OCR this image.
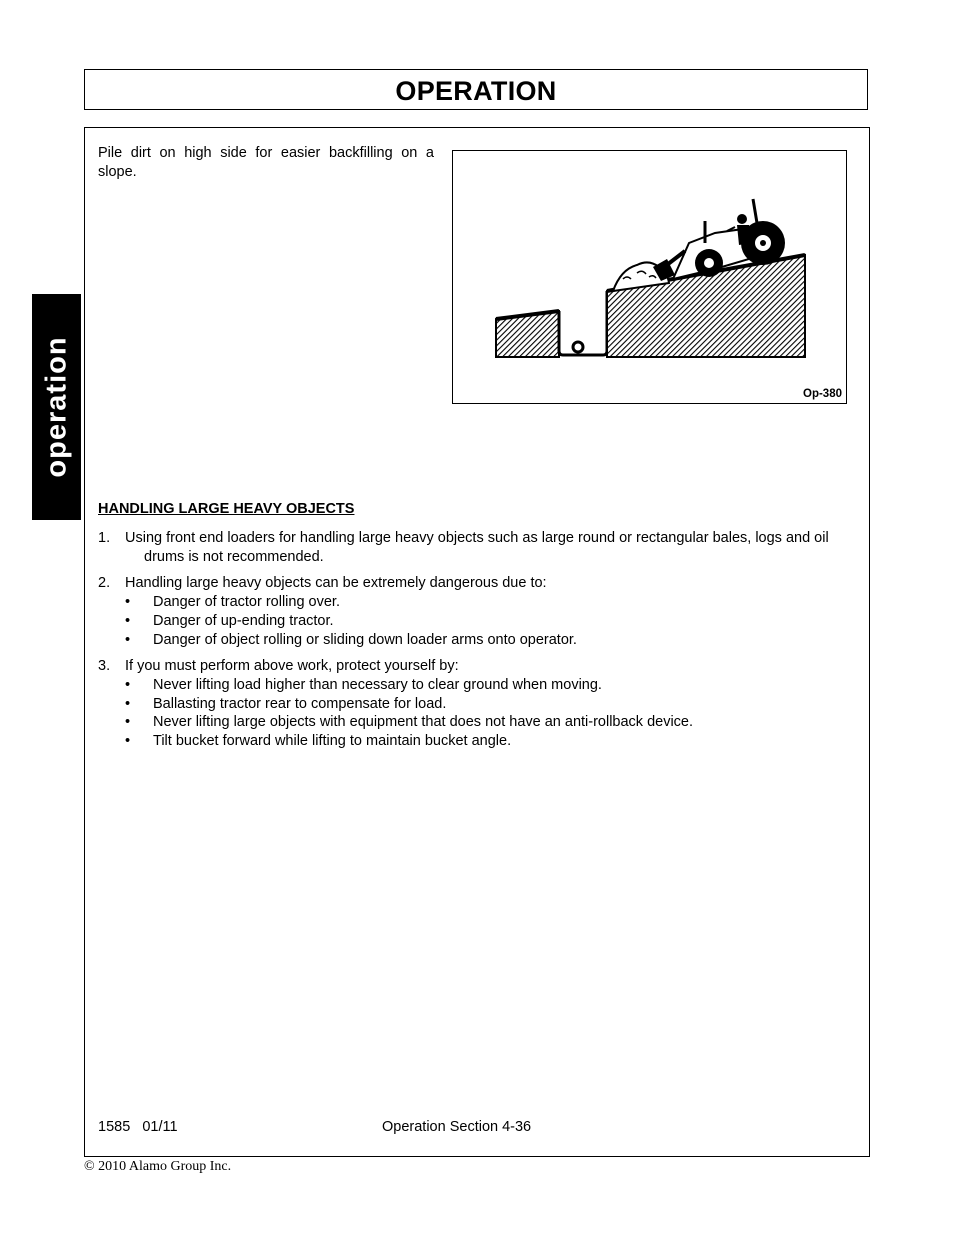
OPERATION
operation
Pile dirt on high side for easier backfilling on a slope.
Op-380
HANDLING LARGE HEAVY OBJECTS
1. Using front end loaders for handling large heavy objects such as large round or rectangular bales, logs and oil drums is not recommended.
2. Handling large heavy objects can be extremely dangerous due to:
• Danger of tractor rolling over.
• Danger of up-ending tractor.
• Danger of object rolling or sliding down loader arms onto operator.
3. If you must perform above work, protect yourself by:
• Never lifting load higher than necessary to clear ground when moving.
• Ballasting tractor rear to compensate for load.
• Never lifting large objects with equipment that does not have an anti-rollback device.
• Tilt bucket forward while lifting to maintain bucket angle.
1585   01/11	Operation Section 4-36
© 2010 Alamo Group Inc.
